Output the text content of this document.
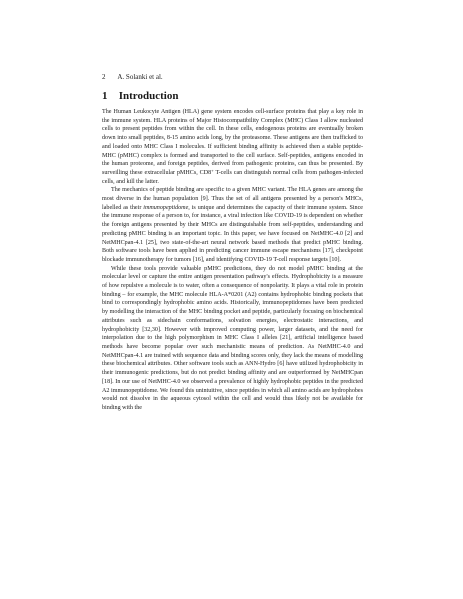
2 A. Solanki et al.
1 Introduction

The Human Leukocyte Antigen (HLA) gene system encodes cell-surface proteins that play a key role in the immune system. HLA proteins of Major Histocompatibility Complex (MHC) Class I allow nucleated cells to present peptides from within the cell. In these cells, endogenous proteins are eventually broken down into small peptides, 8-15 amino acids long, by the proteasome. These antigens are then trafficked to and loaded onto MHC Class I molecules. If sufficient binding affinity is achieved then a stable peptide-MHC (pMHC) complex is formed and transported to the cell surface. Self-peptides, antigens encoded in the human proteome, and foreign peptides, derived from pathogenic proteins, can thus be presented. By surveilling these extracellular pMHCs, CD8+ T-cells can distinguish normal cells from pathogen-infected cells, and kill the latter.

The mechanics of peptide binding are specific to a given MHC variant. The HLA genes are among the most diverse in the human population [9]. Thus the set of all antigens presented by a person's MHCs, labelled as their immunopeptidome, is unique and determines the capacity of their immune system. Since the immune response of a person to, for instance, a viral infection like COVID-19 is dependent on whether the foreign antigens presented by their MHCs are distinguishable from self-peptides, understanding and predicting pMHC binding is an important topic. In this paper, we have focused on NetMHC-4.0 [2] and NetMHCpan-4.1 [25], two state-of-the-art neural network based methods that predict pMHC binding. Both software tools have been applied in predicting cancer immune escape mechanisms [17], checkpoint blockade immunotherapy for tumors [16], and identifying COVID-19 T-cell response targets [10].

While these tools provide valuable pMHC predictions, they do not model pMHC binding at the molecular level or capture the entire antigen presentation pathway's effects. Hydrophobicity is a measure of how repulsive a molecule is to water, often a consequence of nonpolarity. It plays a vital role in protein binding – for example, the MHC molecule HLA-A*0201 (A2) contains hydrophobic binding pockets that bind to correspondingly hydrophobic amino acids. Historically, immunopeptidomes have been predicted by modelling the interaction of the MHC binding pocket and peptide, particularly focusing on biochemical attributes such as sidechain conformations, solvation energies, electrostatic interactions, and hydrophobicity [32,30]. However with improved computing power, larger datasets, and the need for interpolation due to the high polymorphism in MHC Class I alleles [21], artificial intelligence based methods have become popular over such mechanistic means of prediction. As NetMHC-4.0 and NetMHCpan-4.1 are trained with sequence data and binding scores only, they lack the means of modelling these biochemical attributes. Other software tools such as ANN-Hydro [6] have utilized hydrophobicity in their immunogenic predictions, but do not predict binding affinity and are outperformed by NetMHCpan [18]. In our use of NetMHC-4.0 we observed a prevalence of highly hydrophobic peptides in the predicted A2 immunopeptidome. We found this unintuitive, since peptides in which all amino acids are hydrophobes would not dissolve in the aqueous cytosol within the cell and would thus likely not be available for binding with the
